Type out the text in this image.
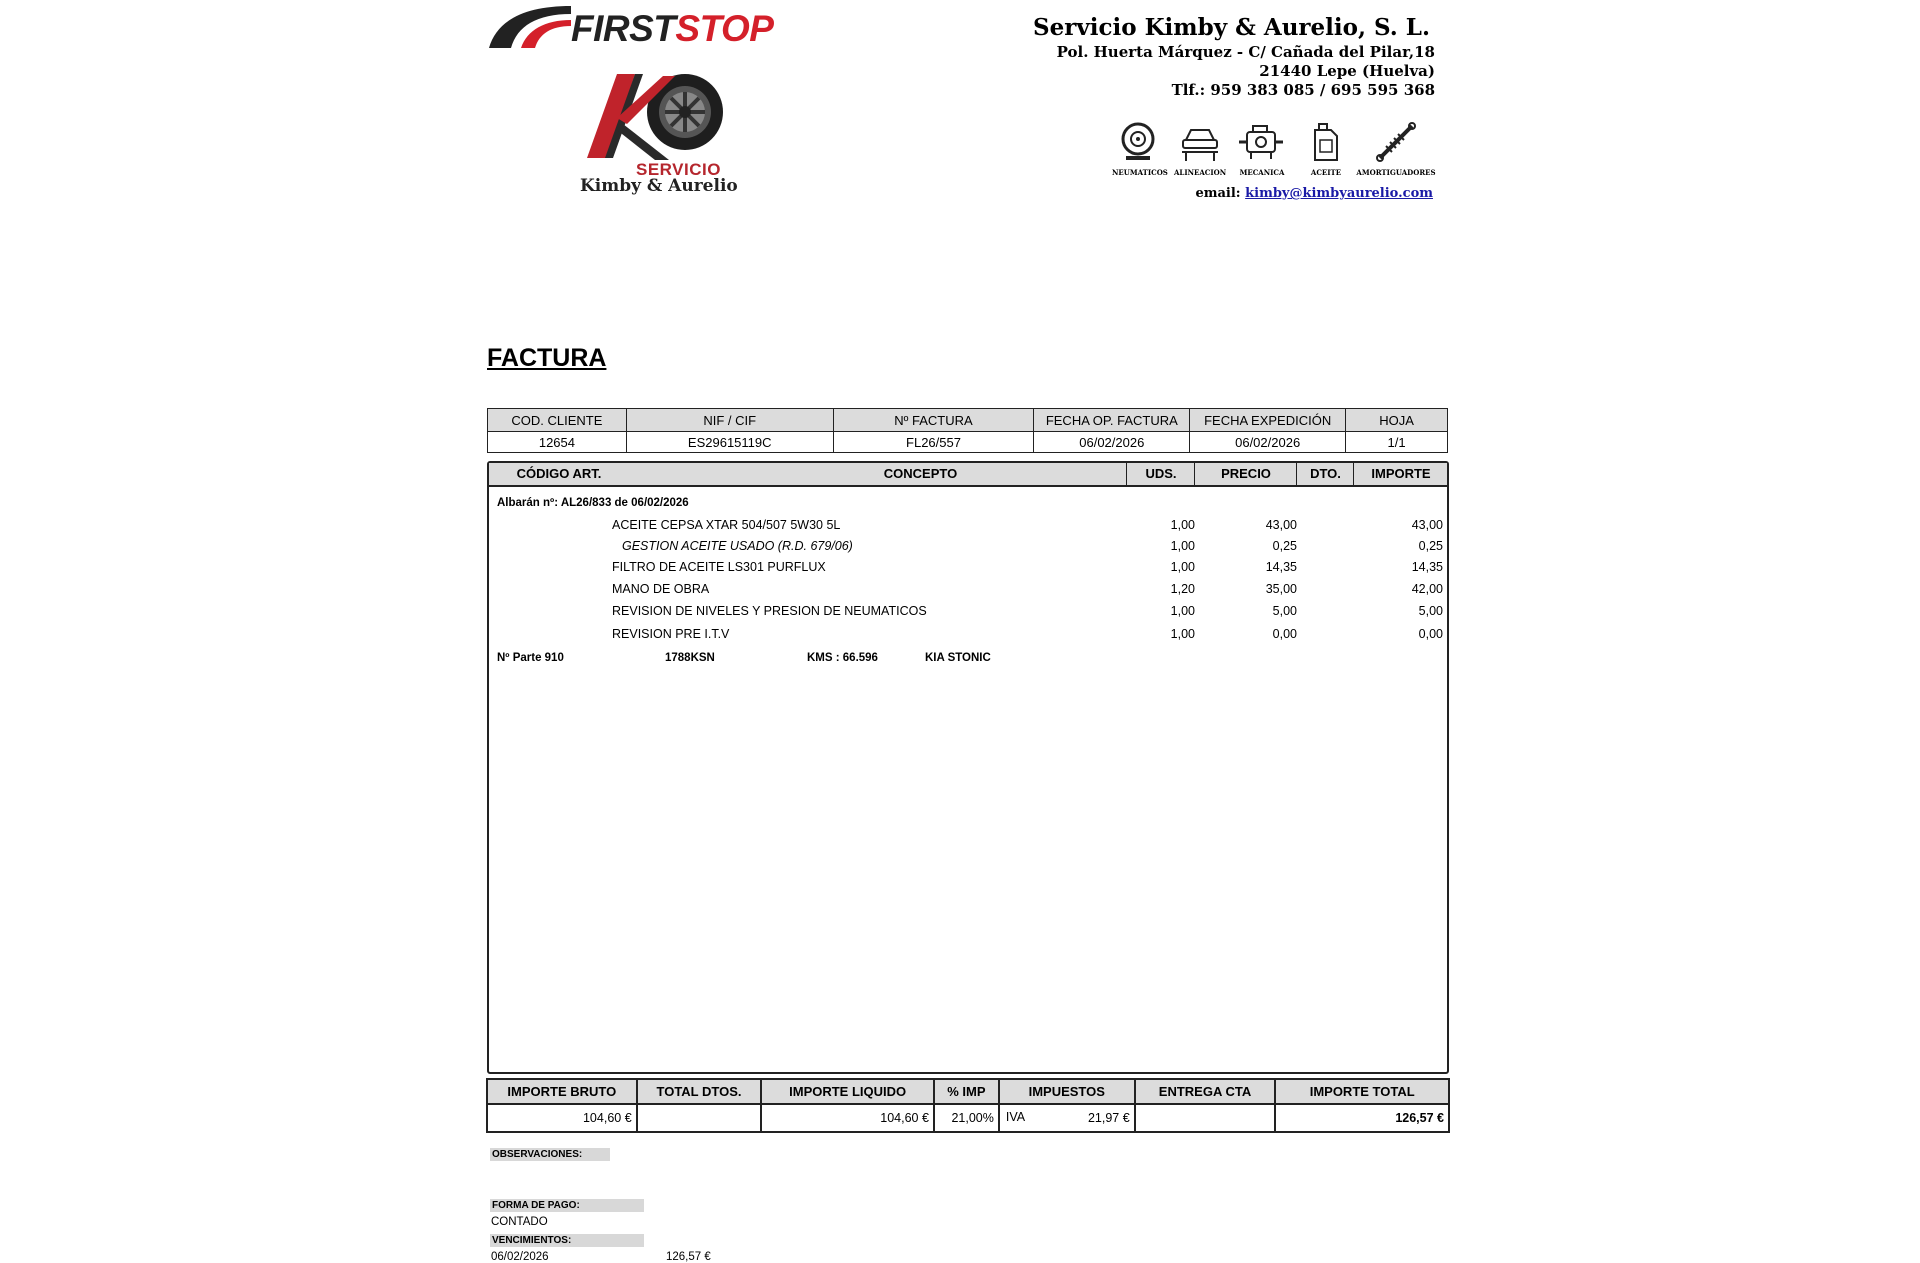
FIRSTSTOP
SERVICIO
Kimby & Aurelio
Servicio Kimby & Aurelio, S. L.
Pol. Huerta Márquez - C/ Cañada del Pilar,18
21440 Lepe (Huelva)
Tlf.: 959 383 085 / 695 595 368
NEUMATICOS ALINEACION	MECANICA	ACEITE	AMORTIGUADORES
email: kimby@kimbyaurelio.com
FACTURA
COD. CLIENTE	NIF / CIF	Nº FACTURA	FECHA OP. FACTURA	FECHA EXPEDICIÓN	HOJA
12654	ES29615119C	FL26/557	06/02/2026	06/02/2026	1/1
CÓDIGO ART.	CONCEPTO	UDS.	PRECIO	DTO.	IMPORTE
Albarán nº: AL26/833 de 06/02/2026
ACEITE CEPSA XTAR 504/507 5W30 5L	1,00	43,00	43,00
GESTION ACEITE USADO (R.D. 679/06)	1,00	0,25	0,25
FILTRO DE ACEITE LS301 PURFLUX	1,00	14,35	14,35
MANO DE OBRA	1,20	35,00	42,00
REVISION DE NIVELES Y PRESION DE NEUMATICOS	1,00	5,00	5,00
REVISION PRE I.T.V	1,00	0,00	0,00
Nº Parte 910	1788KSN	KMS : 66.596	KIA STONIC
IMPORTE BRUTO	TOTAL DTOS.	IMPORTE LIQUIDO	% IMP	IMPUESTOS	ENTREGA CTA	IMPORTE TOTAL
104,60 €		104,60 €	21,00%	IVA 21,97 €		126,57 €
OBSERVACIONES:
FORMA DE PAGO:
CONTADO
VENCIMIENTOS:
06/02/2026	126,57 €
